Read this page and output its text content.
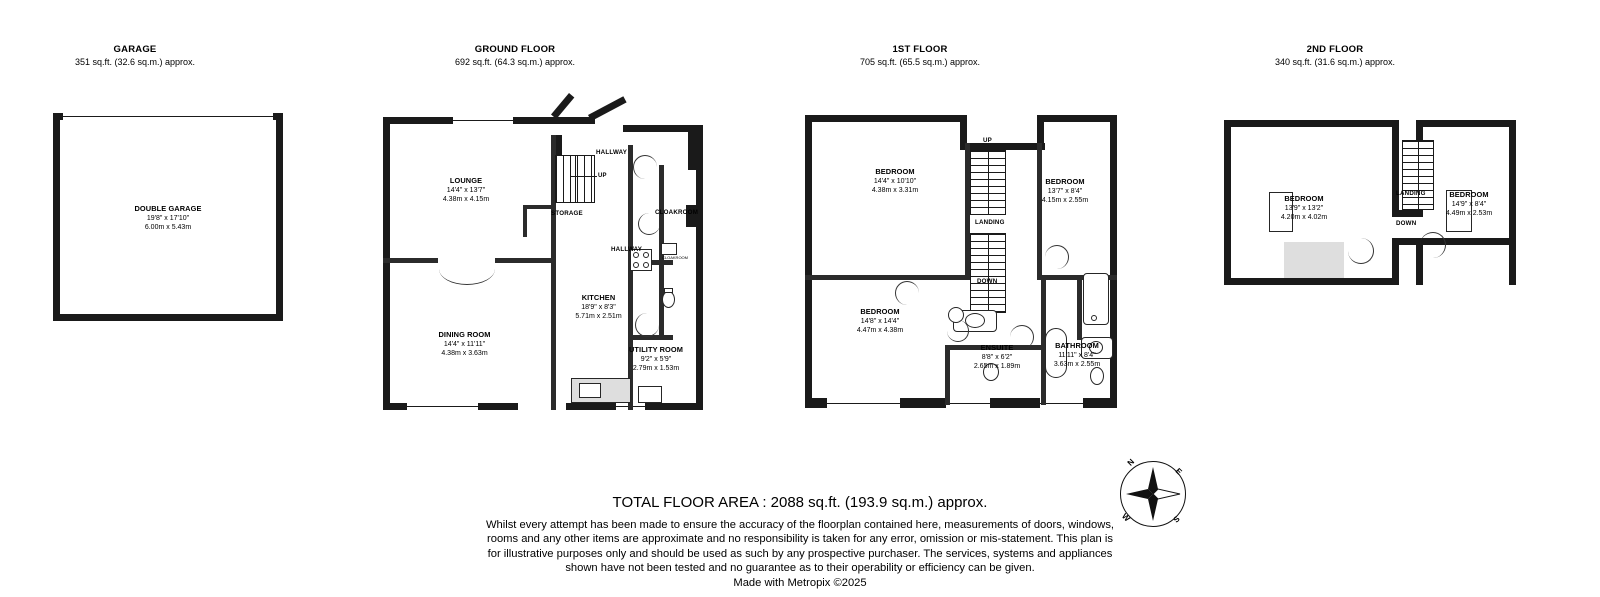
GARAGE
351 sq.ft. (32.6 sq.m.) approx.
GROUND FLOOR
692 sq.ft. (64.3 sq.m.) approx.
1ST FLOOR
705 sq.ft. (65.5 sq.m.) approx.
2ND FLOOR
340 sq.ft. (31.6 sq.m.) approx.
DOUBLE GARAGE
19'8" x 17'10"
6.00m x 5.43m
UP
CLOAKROOM
HALLWAY
STORAGE	CLOAKROOM
HALLWAY
LOUNGE
14'4" x 13'7"
4.38m x 4.15m
DINING ROOM
14'4" x 11'11"
4.38m x 3.63m
KITCHEN
18'9" x 8'3"
5.71m x 2.51m
UTILITY ROOM
9'2" x 5'9"
2.79m x 1.53m
UP
LANDING
DOWN
BEDROOM
14'4" x 10'10"
4.38m x 3.31m
BEDROOM
13'7" x 8'4"
4.15m x 2.55m
BEDROOM
14'8" x 14'4"
4.47m x 4.38m
ENSUITE
8'8" x 6'2"
2.65m x 1.89m
BATHROOM
11'11" x 8'4"
3.63m x 2.55m
LANDING
DOWN
BEDROOM
13'9" x 13'2"
4.20m x 4.02m
BEDROOM
14'9" x 8'4"
4.49m x 2.53m
N
E
S
W
TOTAL FLOOR AREA : 2088 sq.ft. (193.9 sq.m.) approx.
Whilst every attempt has been made to ensure the accuracy of the floorplan contained here, measurements of doors, windows, rooms and any other items are approximate and no responsibility is taken for any error, omission or mis-statement. This plan is for illustrative purposes only and should be used as such by any prospective purchaser. The services, systems and appliances shown have not been tested and no guarantee as to their operability or efficiency can be given.
Made with Metropix ©2025
